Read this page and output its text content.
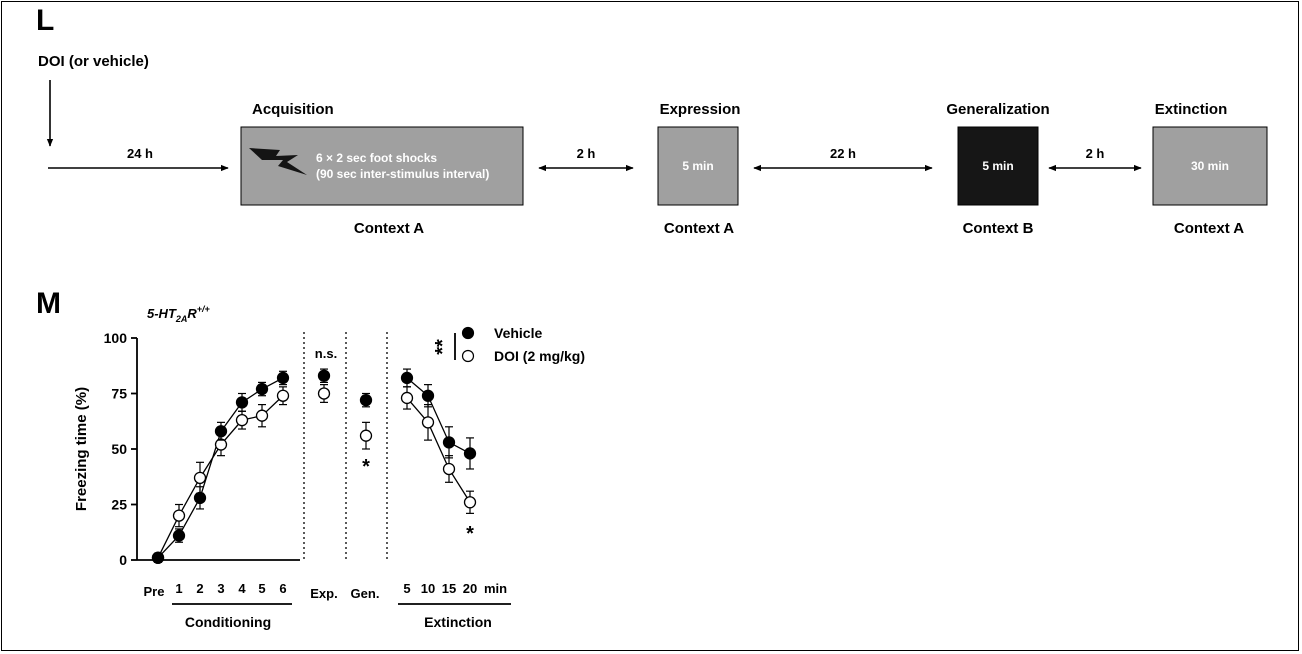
L
DOI (or vehicle)
24 h
Acquisition
6 × 2 sec foot shocks
(90 sec inter-stimulus interval)
Context A
2 h
Expression
5 min
Context A
22 h
Generalization
5 min
Context B
2 h
Extinction
30 min
Context A
M	$5-HT_{2A}R^{+/+}$
Freezing time (%)
0
25
50
75
100
Pre 1 2 3 4 5 6 Exp. Gen. 5 10 15 20 min
Conditioning	Extinction
n.s.
*
*
**
Vehicle
DOI (2 mg/kg)
